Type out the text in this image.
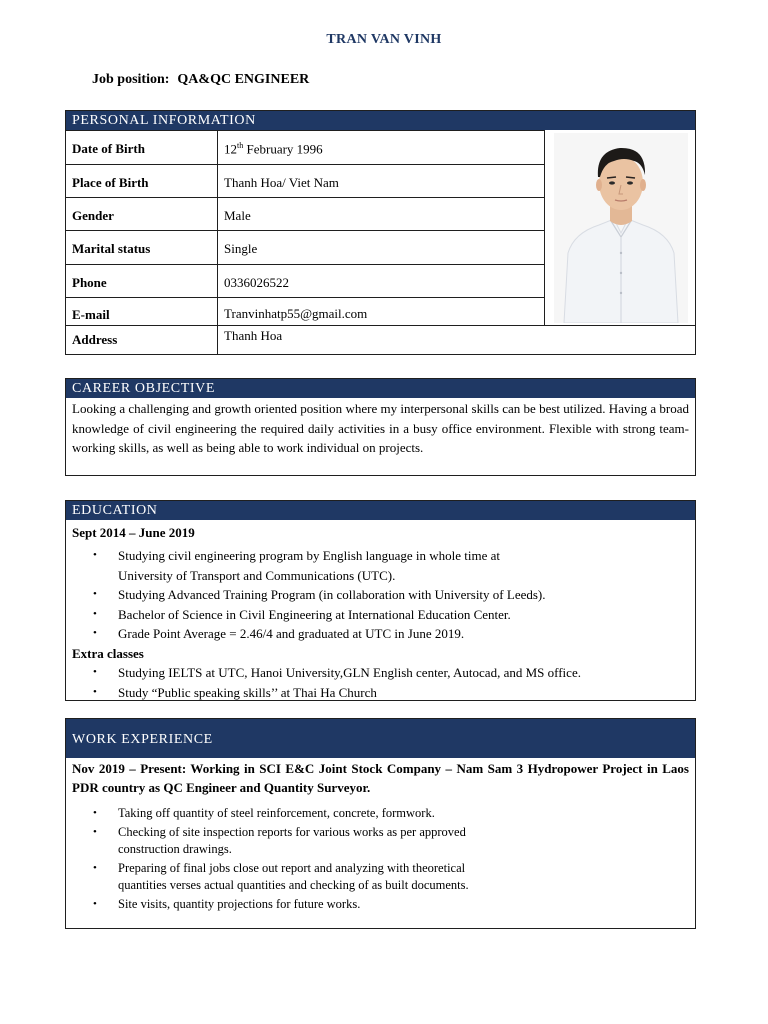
TRAN VAN VINH
Job position: QA&QC ENGINEER
PERSONAL INFORMATION
Date of Birth	12th February 1996
Place of Birth	Thanh Hoa/ Viet Nam
Gender	Male
Marital status	Single
Phone	0336026522
E-mail	Tranvinhatp55@gmail.com
Address	Thanh Hoa
CAREER OBJECTIVE
Looking a challenging and growth oriented position where my interpersonal skills can be best utilized. Having a broad knowledge of civil engineering the required daily activities in a busy office environment. Flexible with strong team-working skills, as well as being able to work individual on projects.
EDUCATION
Sept 2014 – June 2019
• Studying civil engineering program by English language in whole time at
University of Transport and Communications (UTC).
• Studying Advanced Training Program (in collaboration with University of Leeds).
• Bachelor of Science in Civil Engineering at International Education Center.
• Grade Point Average = 2.46/4 and graduated at UTC in June 2019.
Extra classes
• Studying IELTS at UTC, Hanoi University,GLN English center, Autocad, and MS office.
• Study “Public speaking skills’’ at Thai Ha Church
WORK EXPERIENCE
Nov 2019 – Present: Working in SCI E&C Joint Stock Company – Nam Sam 3 Hydropower Project in Laos PDR country as QC Engineer and Quantity Surveyor.
• Taking off quantity of steel reinforcement, concrete, formwork.
• Checking of site inspection reports for various works as per approved
construction drawings.
• Preparing of final jobs close out report and analyzing with theoretical
quantities verses actual quantities and checking of as built documents.
• Site visits, quantity projections for future works.
